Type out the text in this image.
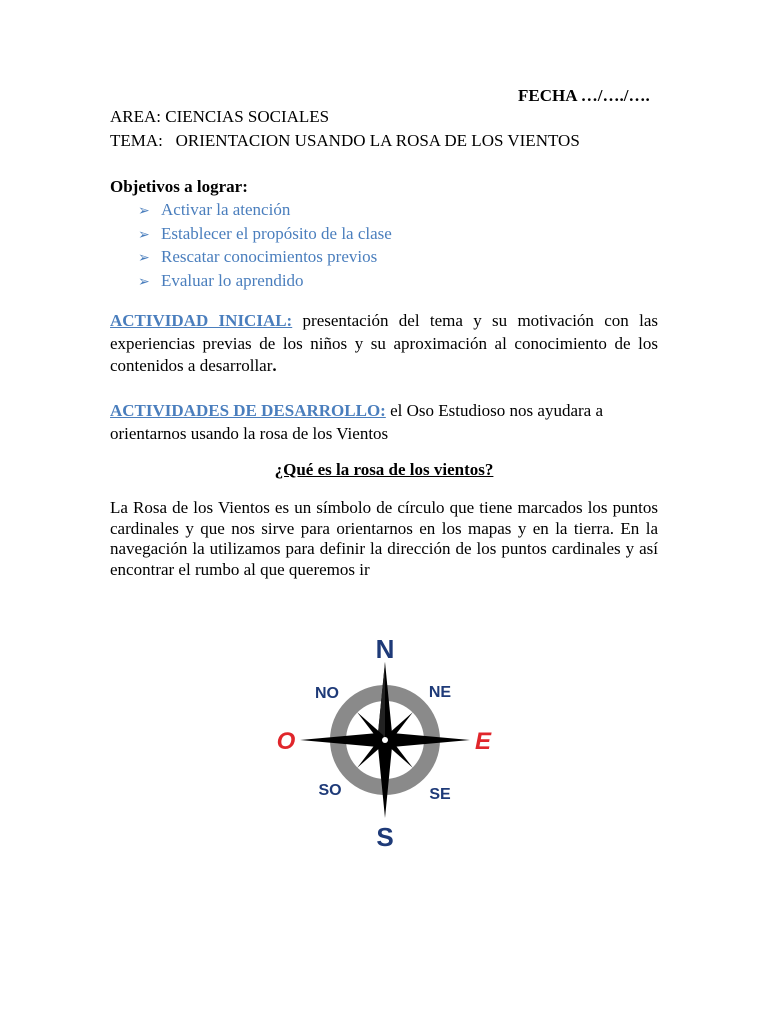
FECHA …/…./….
AREA: CIENCIAS SOCIALES
TEMA:   ORIENTACION USANDO LA ROSA DE LOS VIENTOS
Objetivos a lograr:
➢ Activar la atención
➢ Establecer el propósito de la clase
➢ Rescatar conocimientos previos
➢ Evaluar lo aprendido
ACTIVIDAD INICIAL: presentación del tema y su motivación con las experiencias previas de los niños y su aproximación al conocimiento de los contenidos a desarrollar.
ACTIVIDADES DE DESARROLLO: el Oso Estudioso nos ayudara a orientarnos usando la rosa de los Vientos
¿Qué es la rosa de los vientos?
La Rosa de los Vientos es un símbolo de círculo que tiene marcados los puntos cardinales y que nos sirve para orientarnos en los mapas y en la tierra. En la navegación la utilizamos para definir la dirección de los puntos cardinales y así encontrar el rumbo al que queremos ir
N
S
E
O
NO	NE
SO	SE
